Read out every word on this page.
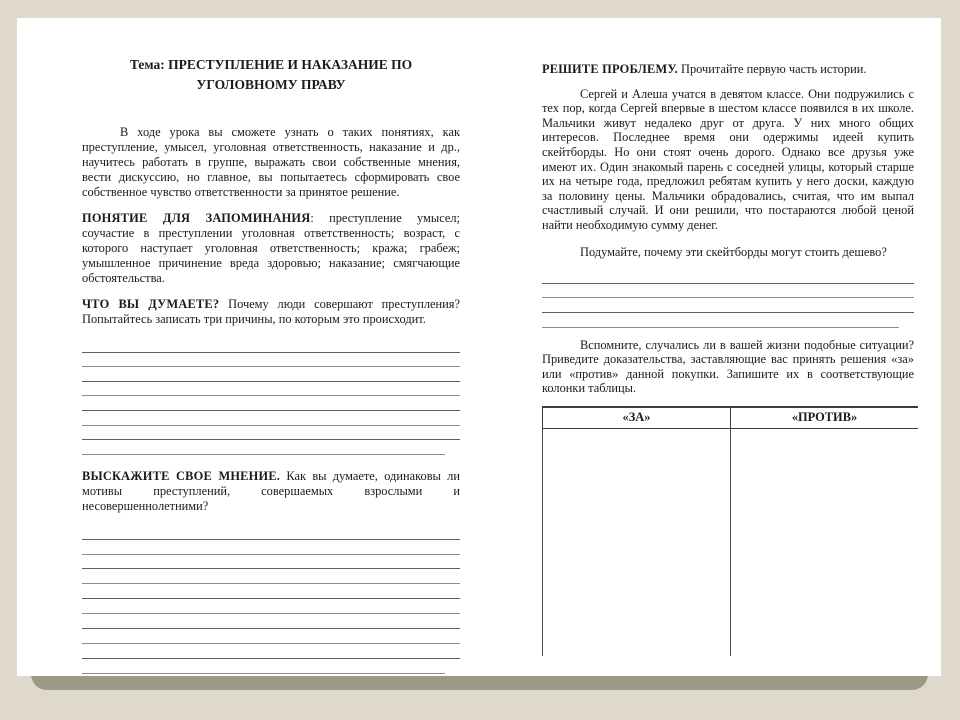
Тема: ПРЕСТУПЛЕНИЕ И НАКАЗАНИЕ ПО УГОЛОВНОМУ ПРАВУ

В ходе урока вы сможете узнать о таких понятиях, как преступление, умысел, уголовная ответственность, наказание и др., научитесь работать в группе, выражать свои собственные мнения, вести дискуссию, но главное, вы попытаетесь сформировать свое собственное чувство ответственности за принятое решение.

ПОНЯТИЕ ДЛЯ ЗАПОМИНАНИЯ: преступление умысел; соучастие в преступлении уголовная ответственность; возраст, с которого наступает уголовная ответственность; кража; грабеж; умышленное причинение вреда здоровью; наказание; смягчающие обстоятельства.

ЧТО ВЫ ДУМАЕТЕ? Почему люди совершают преступления? Попытайтесь записать три причины, по которым это происходит.

ВЫСКАЖИТЕ СВОЕ МНЕНИЕ. Как вы думаете, одинаковы ли мотивы преступлений, совершаемых взрослыми и несовершеннолетними?

РЕШИТЕ ПРОБЛЕМУ. Прочитайте первую часть истории.

Сергей и Алеша учатся в девятом классе. Они подружились с тех пор, когда Сергей впервые в шестом классе появился в их школе. Мальчики живут недалеко друг от друга. У них много общих интересов. Последнее время они одержимы идеей купить скейтборды. Но они стоят очень дорого. Однако все друзья уже имеют их. Один знакомый парень с соседней улицы, который старше их на четыре года, предложил ребятам купить у него доски, каждую за половину цены. Мальчики обрадовались, считая, что им выпал счастливый случай. И они решили, что постараются любой ценой найти необходимую сумму денег.

Подумайте, почему эти скейтборды могут стоить дешево?

Вспомните, случались ли в вашей жизни подобные ситуации? Приведите доказательства, заставляющие вас принять решения «за» или «против» данной покупки. Запишите их в соответствующие колонки таблицы.

«ЗА»	«ПРОТИВ»
